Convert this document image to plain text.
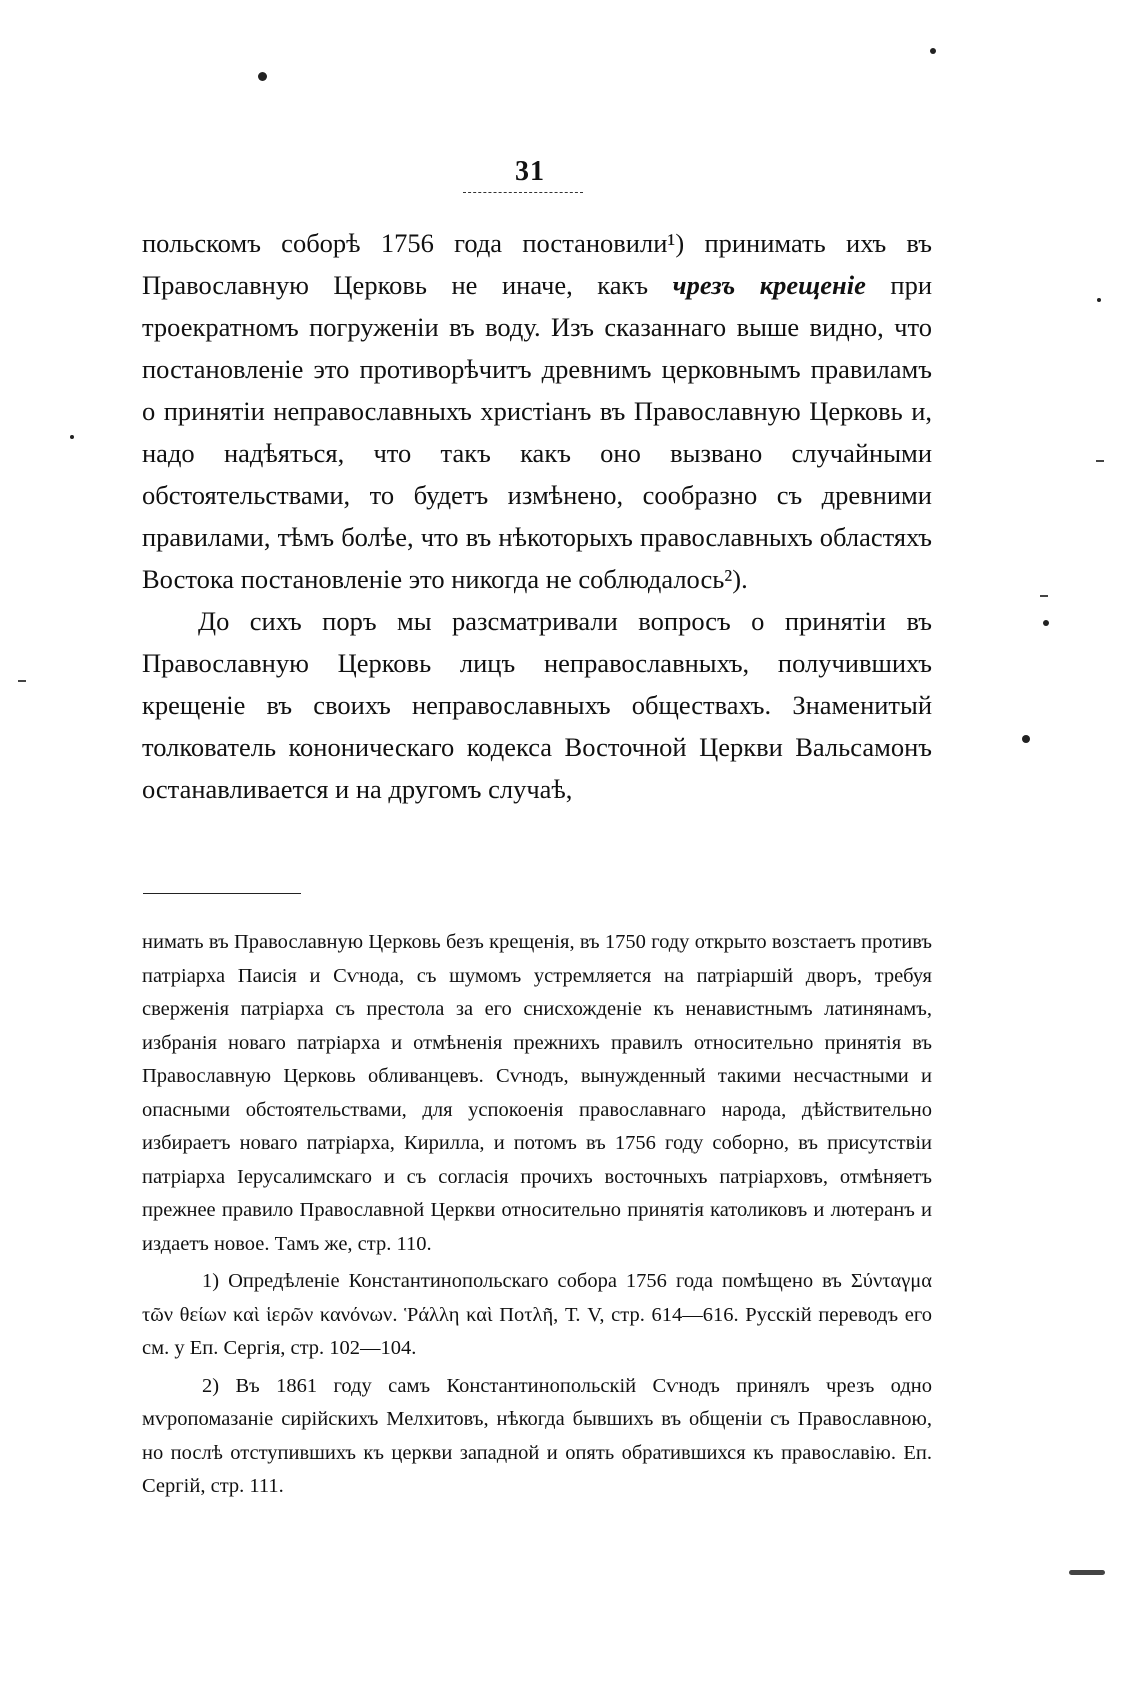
31

польскомъ соборѣ 1756 года постановили¹) принимать ихъ въ Православную Церковь не иначе, какъ чрезъ крещеніе при троекратномъ погруженіи въ воду. Изъ сказаннаго выше видно, что постановленіе это противорѣчитъ древнимъ церковнымъ правиламъ о принятіи неправославныхъ христіанъ въ Православную Церковь и, надо надѣяться, что такъ какъ оно вызвано случайными обстоятельствами, то будетъ измѣнено, сообразно съ древними правилами, тѣмъ болѣе, что въ нѣкоторыхъ православныхъ областяхъ Востока постановленіе это никогда не соблюдалось²).

До сихъ поръ мы разсматривали вопросъ о принятіи въ Православную Церковь лицъ неправославныхъ, получившихъ крещеніе въ своихъ неправославныхъ обществахъ. Знаменитый толкователь кононическаго кодекса Восточной Церкви Вальсамонъ останавливается и на другомъ случаѣ,

нимать въ Православную Церковь безъ крещенія, въ 1750 году открыто возстаетъ противъ патріарха Паисія и Сѵнода, съ шумомъ устремляется на патріаршій дворъ, требуя сверженія патріарха съ престола за его снисхожденіе къ ненавистнымъ латинянамъ, избранія новаго патріарха и отмѣненія прежнихъ правилъ относительно принятія въ Православную Церковь обливанцевъ. Сѵнодъ, вынужденный такими несчастными и опасными обстоятельствами, для успокоенія православнаго народа, дѣйствительно избираетъ новаго патріарха, Кирилла, и потомъ въ 1756 году соборно, въ присутствіи патріарха Іерусалимскаго и съ согласія прочихъ восточныхъ патріарховъ, отмѣняетъ прежнее правило Православной Церкви относительно принятія католиковъ и лютеранъ и издаетъ новое. Тамъ же, стр. 110.

1) Опредѣленіе Константинопольскаго собора 1756 года помѣщено въ Σύνταγμα τῶν θείων καὶ ἱερῶν κανόνων. Ῥάλλη καὶ Ποτλῆ, Т. V, стр. 614—616. Русскій переводъ его см. у Еп. Сергія, стр. 102—104.

2) Въ 1861 году самъ Константинопольскій Сѵнодъ принялъ чрезъ одно мѵропомазаніе сирійскихъ Мелхитовъ, нѣкогда бывшихъ въ общеніи съ Православною, но послѣ отступившихъ къ церкви западной и опять обратившихся къ православію. Еп. Сергій, стр. 111.
